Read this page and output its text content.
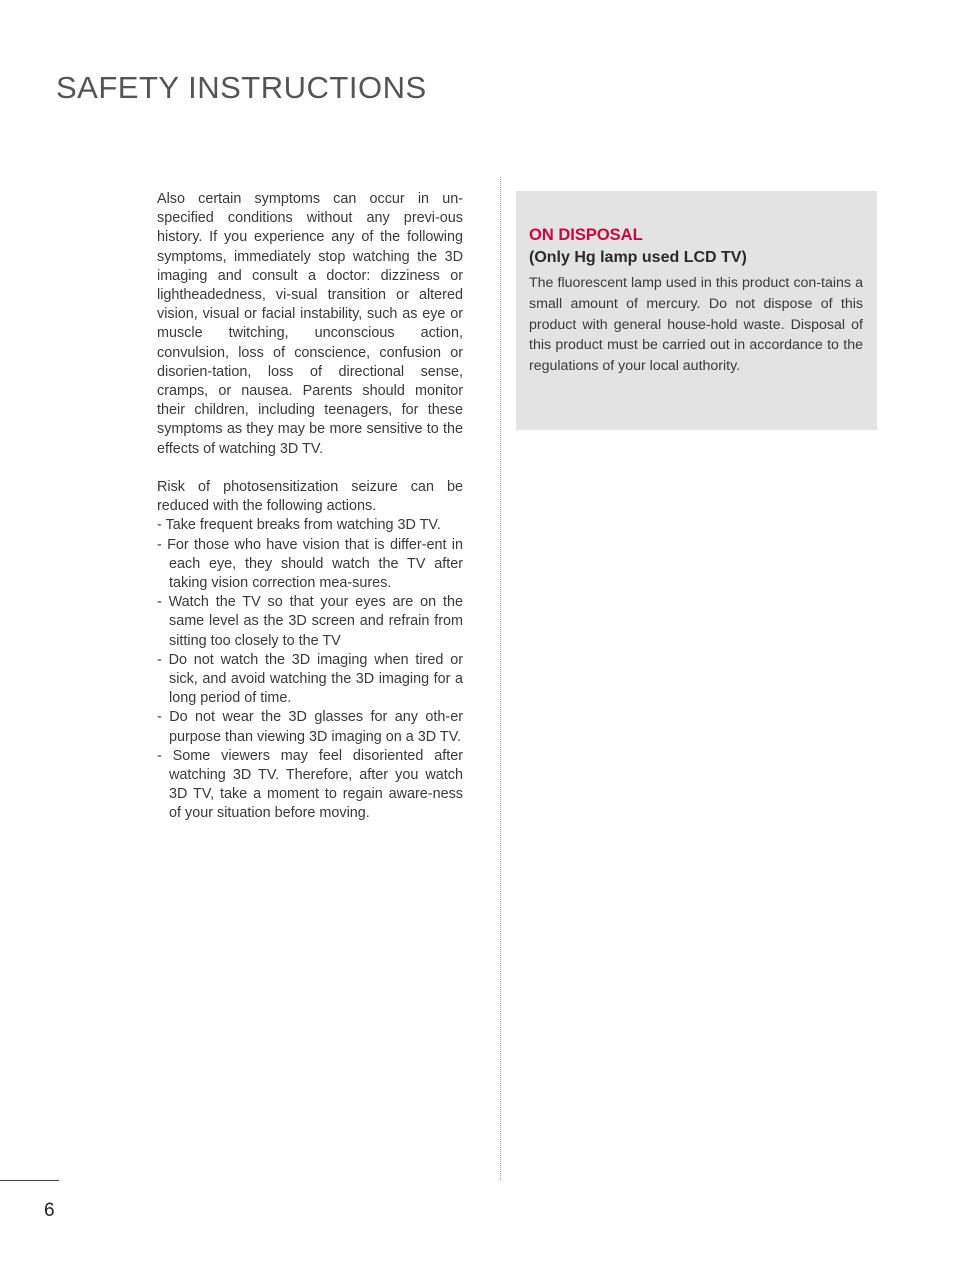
SAFETY INSTRUCTIONS

Also certain symptoms can occur in un-specified conditions without any previ-ous history. If you experience any of the following symptoms, immediately stop watching the 3D imaging and consult a doctor: dizziness or lightheadedness, vi-sual transition or altered vision, visual or facial instability, such as eye or muscle twitching, unconscious action, convulsion, loss of conscience, confusion or disorien-tation, loss of directional sense, cramps, or nausea. Parents should monitor their children, including teenagers, for these symptoms as they may be more sensitive to the effects of watching 3D TV.

Risk of photosensitization seizure can be reduced with the following actions.

- Take frequent breaks from watching 3D TV.
- For those who have vision that is differ-ent in each eye, they should watch the TV after taking vision correction mea-sures.
- Watch the TV so that your eyes are on the same level as the 3D screen and refrain from sitting too closely to the TV
- Do not watch the 3D imaging when tired or sick, and avoid watching the 3D imaging for a long period of time.
- Do not wear the 3D glasses for any oth-er purpose than viewing 3D imaging on a 3D TV.
- Some viewers may feel disoriented after watching 3D TV. Therefore, after you watch 3D TV, take a moment to regain aware-ness of your situation before moving.
ON DISPOSAL
(Only Hg lamp used LCD TV)

The fluorescent lamp used in this product con-tains a small amount of mercury. Do not dispose of this product with general house-hold waste. Disposal of this product must be carried out in accordance to the regulations of your local authority.

6
